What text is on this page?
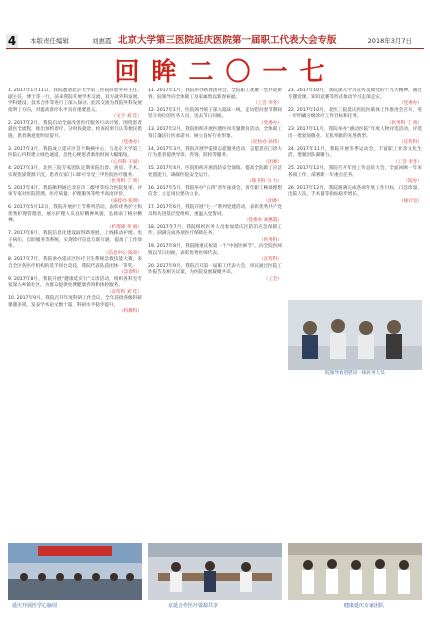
4 本版责任编辑	刘惠霞 北京大学第三医院延庆医院第一届职工代表大会专版	2018年3月7日
回 眸 二 〇 一 七

1. 2017年1月11日，我院邀请北京大学第三医院肝胆外科主任、副主任、博士等一行，前来我院开展学术交流，双方就外科发展、学科建设、技术合作等进行了深入探讨。此次交流为我院外科发展指明了方向，对提高诊疗水平具有重要意义。

（文字 刘 佳）

2. 2017年2月，我院启动全面改善医疗服务行动计划，围绕患者就医全流程，推出预约诊疗、分时段就诊、检查结果互认等便民措施，患者满意度明显提升。

（党委办）

3. 2017年3月，我院成立延庆区首个胸痛中心，与北京大学第三医院心内科建立绿色通道，急性心梗患者救治时间大幅缩短。

（心内科 王斌）

4. 2017年3月，北医三院专家团队定期来院出诊、查房、手术，实现优质资源下沉，患者在家门口即可享受三甲医院医疗服务。

（医务科 丁 勇）

5. 2017年4月，我院顺利通过北京市二级甲等综合医院复审，评审专家对医院管理、医疗质量、护理服务等给予高度评价。

（质控办 张明）

6. 2017年5月12日，我院开展护士节系列活动，表彰优秀护士和优秀护理管理者，展示护理人员良好精神风貌，弘扬南丁格尔精神。

（护理部 李 娟）

7. 2017年6月，我院信息化建设取得新进展，上线移动护理、电子病历、自助服务等系统，实现诊疗信息互联互通，提高了工作效率。

（信息中心 陈亮）

8. 2017年7月，我院承办延庆区医疗卫生系统急救技能大赛，来自全区各医疗机构的选手同台竞技，我院代表队获团体一等奖。

（急诊科）

9. 2017年8月，我院开展“健康延庆行”义诊活动，组织各科室专家深入乡镇社区，为群众提供免费健康咨询和体检服务。

（宣传科 刘 佳）

10. 2017年9月，我院召开年度科研工作会议，全年获批各级科研课题多项，发表学术论文数十篇，科研水平稳步提升。

（科教科）

11. 2017年1月，我院举办新春团拜会，全院职工欢聚一堂共迎新春，院领导向全体职工及家属致以新春祝福。

（工会 李冬）

12. 2017年1月，医院领导班子深入临床一线，走访慰问春节期间坚守岗位的医务人员，送去节日问候。

（党委办）

13. 2017年2月，我院组织开展医德医风专题教育活动，全体职工签订廉洁行医承诺书，树立良好行业形象。

（纪检办 孙伟）

14. 2017年3月，我院开展学雷锋志愿服务活动，志愿者在门诊大厅为患者提供导诊、咨询、陪检等服务。

（团委）

15. 2017年4月，医院组织开展消防安全演练，提高全院职工应急处置能力，确保医院安全运行。

（保卫科 马 力）

16. 2017年5月，我院举办“五四”青年座谈会，青年职工畅谈理想信念，立足岗位建功立业。

（团委）

17. 2017年6月，我院开展“七一”系列党建活动，表彰优秀共产党员和先进基层党组织，重温入党誓词。

（党委办 刘惠霞）

18. 2017年7月，我院组织医务人员参加延庆区防汛应急保障工作，圆满完成各项医疗保障任务。

（医务科）

19. 2017年8月，我院隆重庆祝第一个“中国医师节”，向全院医师致以节日问候，表彰优秀医师代表。

（宣传科）

20. 2017年9月，我院召开第一届职工代表大会，审议通过医院工作报告及相关议案，为医院发展凝聚共识。

（工会）

21. 2017年10月，我院深入学习宣传贯彻党的十九大精神，通过专题党课、知识竞赛等形式推动学习走深走实。

（党委办）

22. 2017年10月，北医三院延庆医院医联体工作推进会召开，进一步明确分级诊疗工作目标和任务。

（医务科 丁 勇）

23. 2017年11月，我院举办“感动医院”年度人物评选活动，评选出一批爱岗敬业、无私奉献的先进典型。

（宣传科）

24. 2017年11月，我院开展冬季运动会，丰富职工业余文化生活，增强团队凝聚力。

（工会 李冬）

25. 2017年12月，我院召开年度工作总结大会，全面回顾一年来各项工作，部署新一年重点任务。

（院办）

26. 2017年12月，我院圆满完成各项年度工作目标，门急诊量、出院人次、手术量等指标稳步增长。

（统计室）

院领导看望慰问一线医务人员
延庆开展医学心脑周	京延合作医疗资源共享	健康延庆专家团队
